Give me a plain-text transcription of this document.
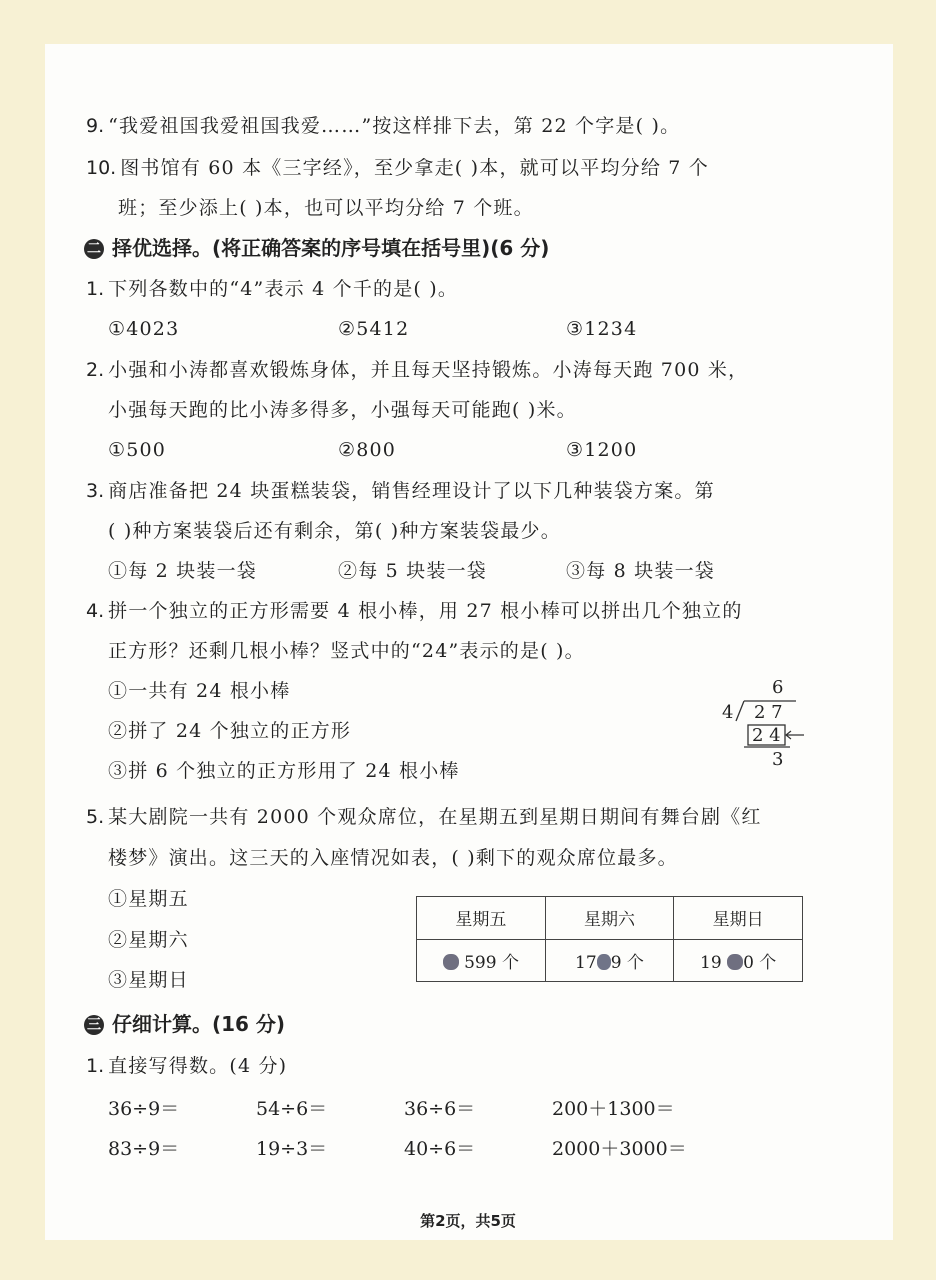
9. “我爱祖国我爱祖国我爱……”按这样排下去，第 22 个字是( )。
10. 图书馆有 60 本《三字经》，至少拿走( )本，就可以平均分给 7 个
班；至少添上( )本，也可以平均分给 7 个班。
二 择优选择。(将正确答案的序号填在括号里)(6 分)
1. 下列各数中的“4”表示 4 个千的是( )。
①4023	②5412	③1234
2. 小强和小涛都喜欢锻炼身体，并且每天坚持锻炼。小涛每天跑 700 米，
小强每天跑的比小涛多得多，小强每天可能跑( )米。
①500	②800	③1200
3. 商店准备把 24 块蛋糕装袋，销售经理设计了以下几种装袋方案。第
( )种方案装袋后还有剩余，第( )种方案装袋最少。
①每 2 块装一袋	②每 5 块装一袋	③每 8 块装一袋
4. 拼一个独立的正方形需要 4 根小棒，用 27 根小棒可以拼出几个独立的
正方形？还剩几根小棒？竖式中的“24”表示的是( )。
①一共有 24 根小棒
②拼了 24 个独立的正方形
③拼 6 个独立的正方形用了 24 根小棒
6
4 2 7
2 4
3
5. 某大剧院一共有 2000 个观众席位，在星期五到星期日期间有舞台剧《红
楼梦》演出。这三天的入座情况如表，( )剩下的观众席位最多。
①星期五
②星期六
③星期日
星期五	星期六	星期日
599 个	17 9 个	19 0 个
三 仔细计算。(16 分)
1. 直接写得数。(4 分)
36÷9＝	54÷6＝	36÷6＝	200＋1300＝
83÷9＝	19÷3＝	40÷6＝	2000＋3000＝
第2页，共5页
